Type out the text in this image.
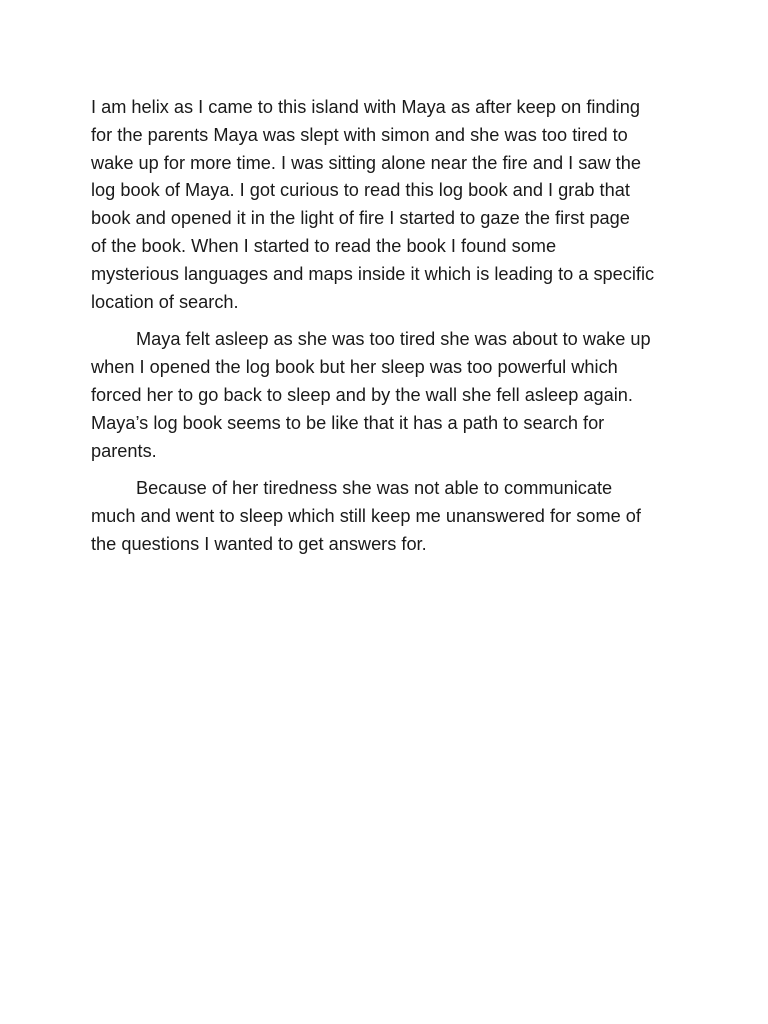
I am helix as I came to this island with Maya as after keep on finding
for the parents Maya was slept with simon and she was too tired to
wake up for more time. I was sitting alone near the fire and I saw the
log book of Maya. I got curious to read this log book and I grab that
book and opened it in the light of fire I started to gaze the first page
of the book. When I started to read the book I found some
mysterious languages and maps inside it which is leading to a specific
location of search.
Maya felt asleep as she was too tired she was about to wake up
when I opened the log book but her sleep was too powerful which
forced her to go back to sleep and by the wall she fell asleep again.
Maya’s log book seems to be like that it has a path to search for
parents.
Because of her tiredness she was not able to communicate
much and went to sleep which still keep me unanswered for some of
the questions I wanted to get answers for.
